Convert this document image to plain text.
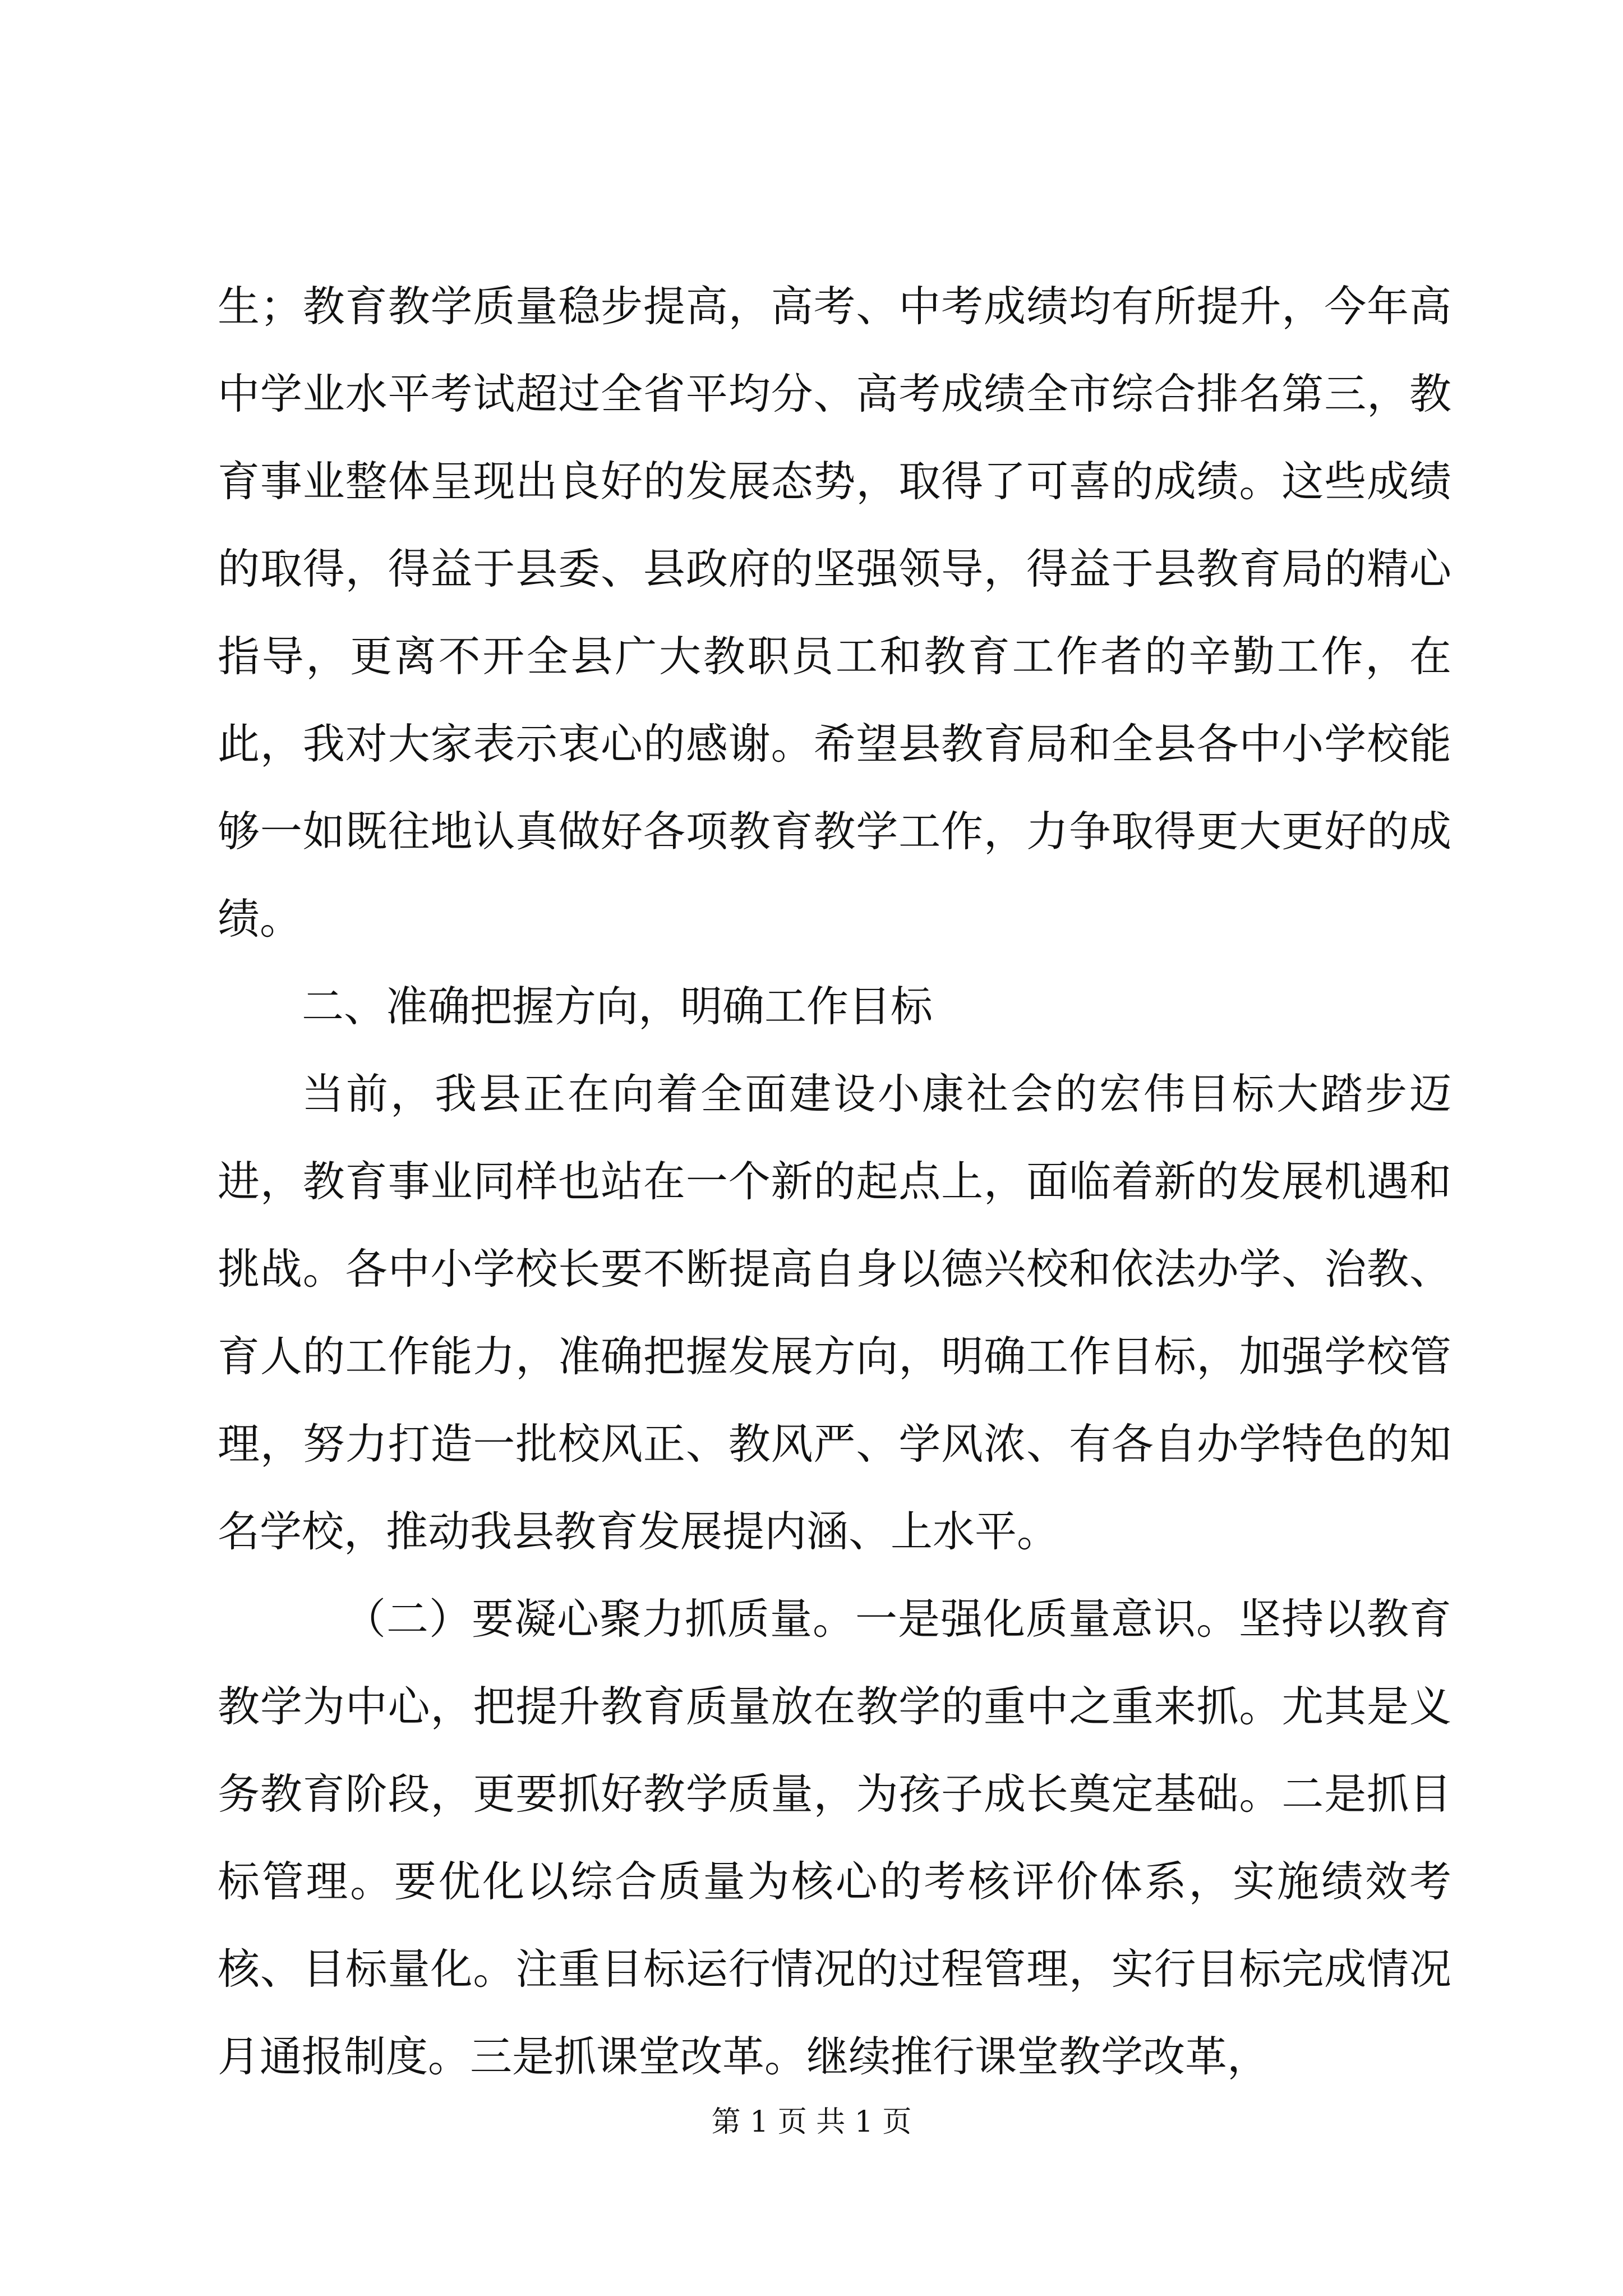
生；教育教学质量稳步提高，高考、中考成绩均有所提升，今年高中学业水平考试超过全省平均分、高考成绩全市综合排名第三，教育事业整体呈现出良好的发展态势，取得了可喜的成绩。这些成绩的取得，得益于县委、县政府的坚强领导，得益于县教育局的精心指导，更离不开全县广大教职员工和教育工作者的辛勤工作，在此，我对大家表示衷心的感谢。希望县教育局和全县各中小学校能够一如既往地认真做好各项教育教学工作，力争取得更大更好的成绩。

二、准确把握方向，明确工作目标

当前，我县正在向着全面建设小康社会的宏伟目标大踏步迈进，教育事业同样也站在一个新的起点上，面临着新的发展机遇和挑战。各中小学校长要不断提高自身以德兴校和依法办学、治教、育人的工作能力，准确把握发展方向，明确工作目标，加强学校管理，努力打造一批校风正、教风严、学风浓、有各自办学特色的知名学校，推动我县教育发展提内涵、上水平。

（二）要凝心聚力抓质量。一是强化质量意识。坚持以教育教学为中心，把提升教育质量放在教学的重中之重来抓。尤其是义务教育阶段，更要抓好教学质量，为孩子成长奠定基础。二是抓目标管理。要优化以综合质量为核心的考核评价体系，实施绩效考核、目标量化。注重目标运行情况的过程管理，实行目标完成情况月通报制度。三是抓课堂改革。继续推行课堂教学改革，

第 1 页 共 1 页
